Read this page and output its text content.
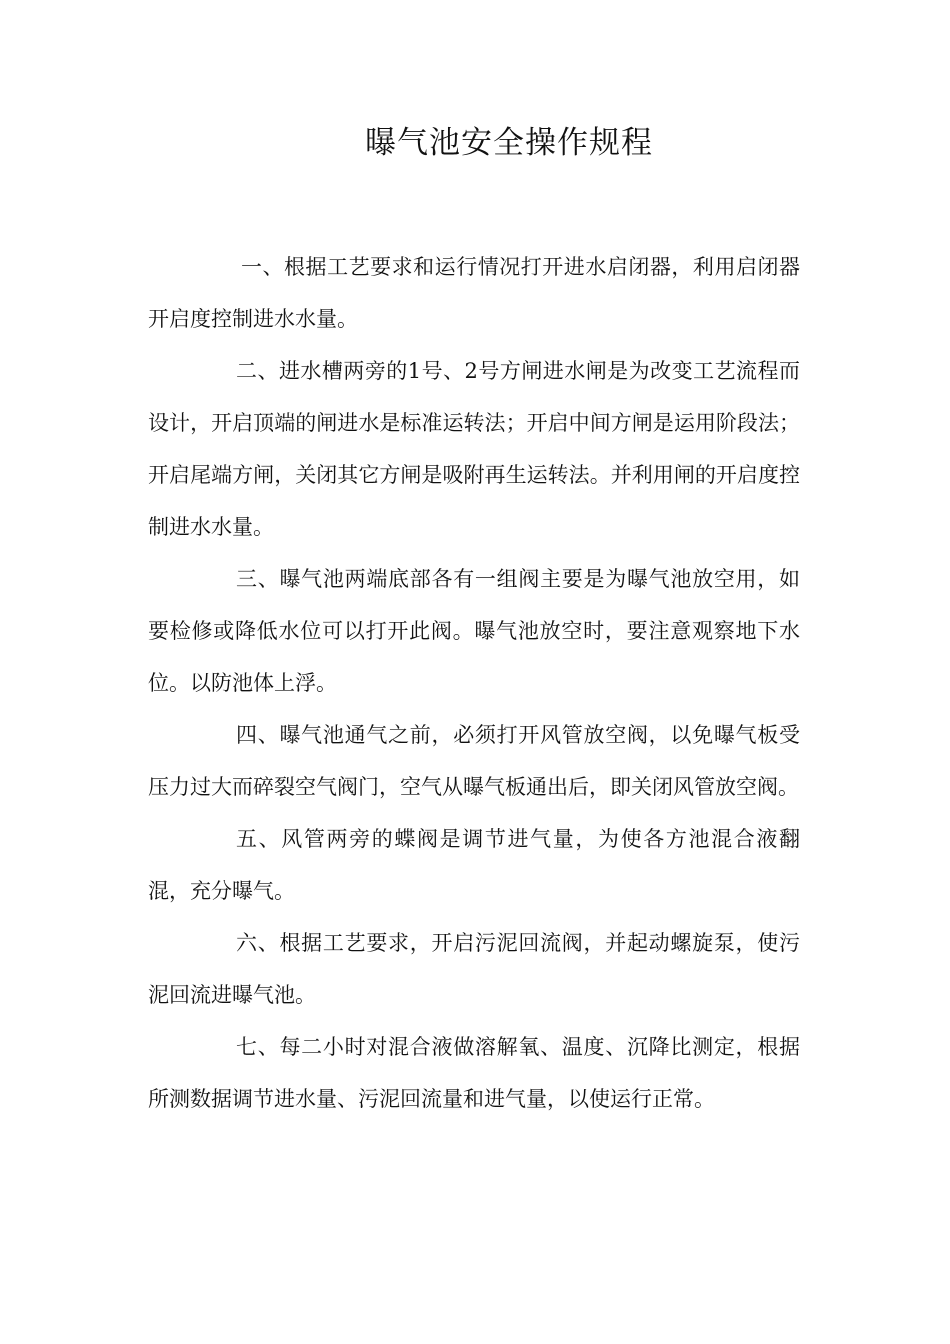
曝气池安全操作规程

一、根据工艺要求和运行情况打开进水启闭器，利用启闭器开启度控制进水水量。

二、进水槽两旁的1号、2号方闸进水闸是为改变工艺流程而设计，开启顶端的闸进水是标准运转法；开启中间方闸是运用阶段法；开启尾端方闸，关闭其它方闸是吸附再生运转法。并利用闸的开启度控制进水水量。

三、曝气池两端底部各有一组阀主要是为曝气池放空用，如要检修或降低水位可以打开此阀。曝气池放空时，要注意观察地下水位。以防池体上浮。

四、曝气池通气之前，必须打开风管放空阀，以免曝气板受压力过大而碎裂空气阀门，空气从曝气板通出后，即关闭风管放空阀。

五、风管两旁的蝶阀是调节进气量，为使各方池混合液翻混，充分曝气。

六、根据工艺要求，开启污泥回流阀，并起动螺旋泵，使污泥回流进曝气池。

七、每二小时对混合液做溶解氧、温度、沉降比测定，根据所测数据调节进水量、污泥回流量和进气量，以使运行正常。
